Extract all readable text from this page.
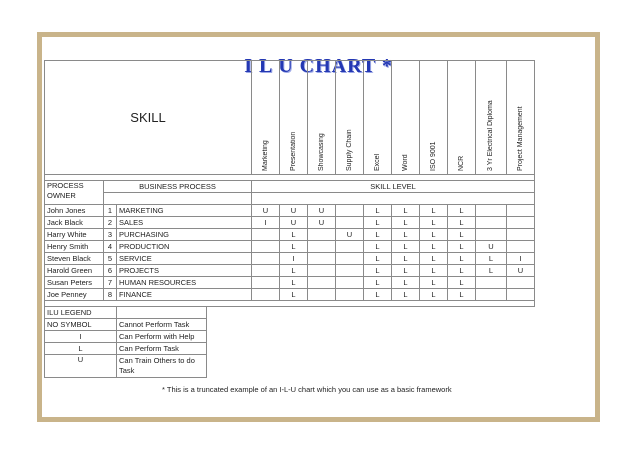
I L U CHART *
SKILL				Marketing	Presentation	Showcasing	Supply Chain	Excel	Word	ISO 9001	NCR	3 Yr Electrical Diploma	Project Management

PROCESS OWNER	BUSINESS PROCESS			SKILL LEVEL									

John Jones	1	MARKETING		U	U	U		L	L	L	L		
Jack Black	2	SALES		I	U	U		L	L	L	L		
Harry White	3	PURCHASING			L		U	L	L	L	L		
Henry Smith	4	PRODUCTION			L			L	L	L	L	U	
Steven Black	5	SERVICE			I			L	L	L	L	L	I
Harold Green	6	PROJECTS			L			L	L	L	L	L	U
Susan Peters	7	HUMAN RESOURCES			L			L	L	L	L		
Joe Penney	8	FINANCE			L			L	L	L	L		

ILU LEGEND													
NO SYMBOL		Cannot Perform Task											
I		Can Perform with Help											
L		Can Perform Task											
U		Can Train Others to do Task											
* This is a truncated example of an I-L-U chart which you can use as a basic framework
